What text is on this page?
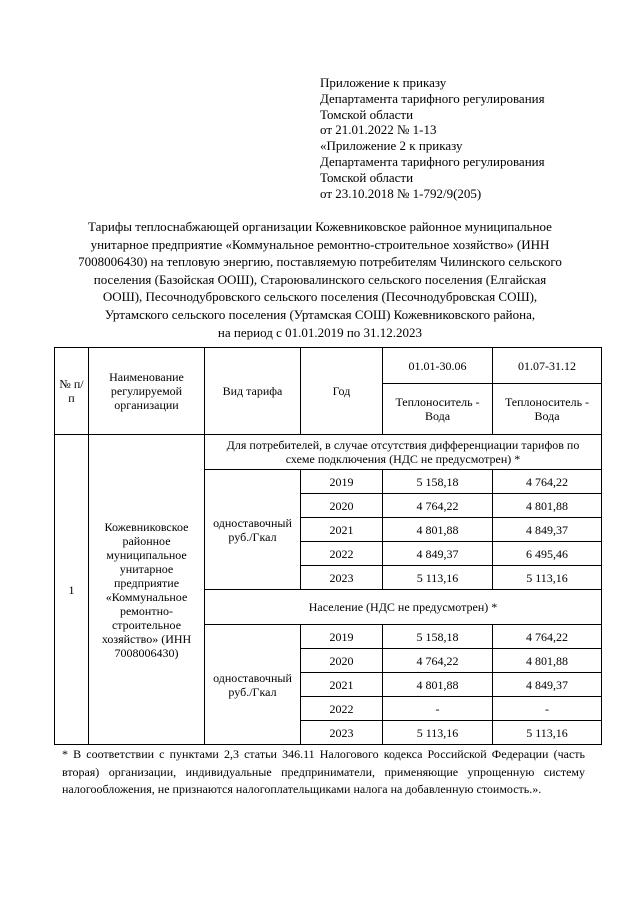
Приложение к приказу
Департамента тарифного регулирования
Томской области
от 21.01.2022 № 1-13
«Приложение 2 к приказу
Департамента тарифного регулирования
Томской области
от 23.10.2018 № 1-792/9(205)
Тарифы теплоснабжающей организации Кожевниковское районное муниципальное
унитарное предприятие «Коммунальное ремонтно-строительное хозяйство» (ИНН
7008006430) на тепловую энергию, поставляемую потребителям Чилинского сельского
поселения (Базойская ООШ), Староювалинского сельского поселения (Елгайская
ООШ), Песочнодубровского сельского поселения (Песочнодубровская СОШ),
Уртамского сельского поселения (Уртамская СОШ) Кожевниковского района,
на период с 01.01.2019 по 31.12.2023
№ п/п	Наименование регулируемой организации	Вид тарифа	Год	01.01-30.06	01.07-31.12
				Теплоноситель - Вода	Теплоноситель - Вода
1	Кожевниковское районное муниципальное унитарное предприятие «Коммунальное ремонтно-строительное хозяйство» (ИНН 7008006430)	Для потребителей, в случае отсутствия дифференциации тарифов по схеме подключения (НДС не предусмотрен) *			
		одноставочный руб./Гкал	2019	5 158,18	4 764,22
			2020	4 764,22	4 801,88
			2021	4 801,88	4 849,37
			2022	4 849,37	6 495,46
			2023	5 113,16	5 113,16
		Население (НДС не предусмотрен) *			
		одноставочный руб./Гкал	2019	5 158,18	4 764,22
			2020	4 764,22	4 801,88
			2021	4 801,88	4 849,37
			2022	-	-
			2023	5 113,16	5 113,16
* В соответствии с пунктами 2,3 статьи 346.11 Налогового кодекса Российской Федерации (часть вторая) организации, индивидуальные предприниматели, применяющие упрощенную систему налогообложения, не признаются налогоплательщиками налога на добавленную стоимость.».
